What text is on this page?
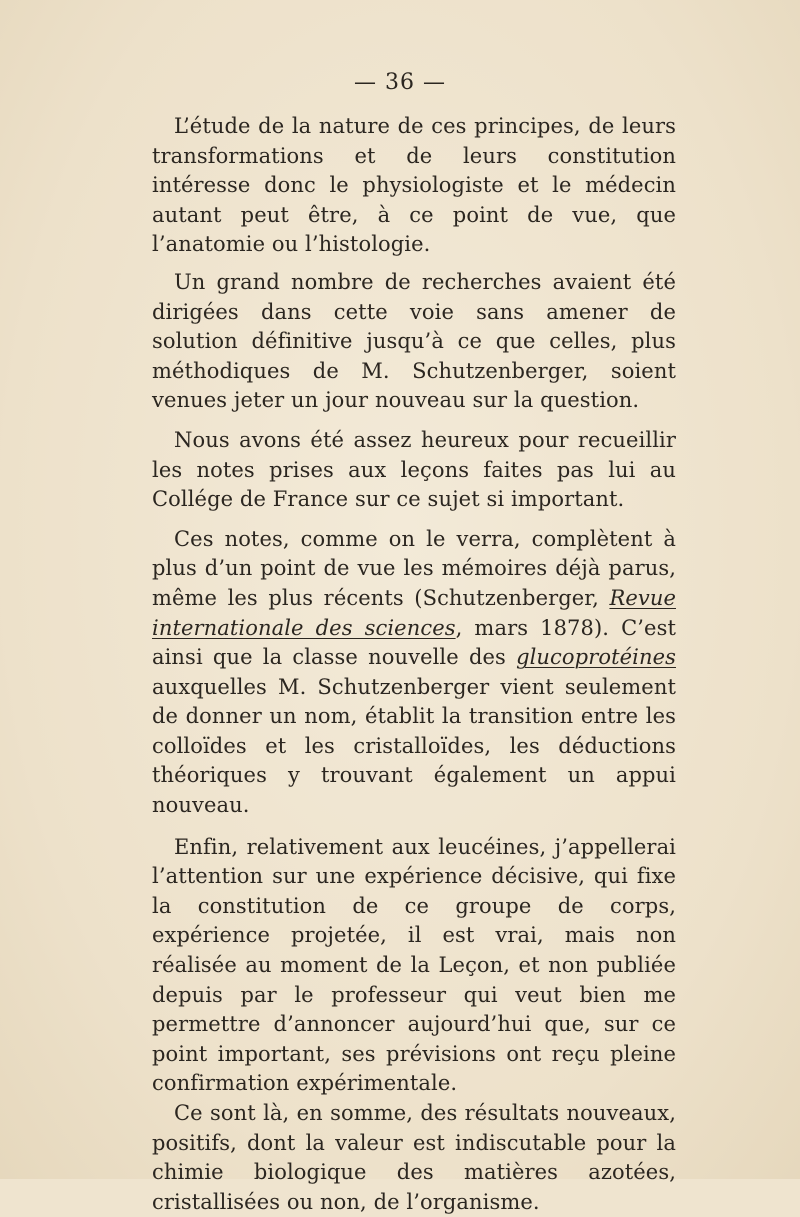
— 36 —

L’étude de la nature de ces principes, de leurs transformations et de leurs constitution intéresse donc le physiologiste et le médecin autant peut être, à ce point de vue, que l’anatomie ou l’histologie.

Un grand nombre de recherches avaient été dirigées dans cette voie sans amener de solution définitive jusqu’à ce que celles, plus méthodiques de M. Schutzenberger, soient venues jeter un jour nouveau sur la question.

Nous avons été assez heureux pour recueillir les notes prises aux leçons faites pas lui au Collége de France sur ce sujet si important.

Ces notes, comme on le verra, complètent à plus d’un point de vue les mémoires déjà parus, même les plus récents (Schutzenberger, Revue internationale des sciences, mars 1878). C’est ainsi que la classe nouvelle des glucoprotéines auxquelles M. Schutzenberger vient seulement de donner un nom, établit la transition entre les colloïdes et les cristalloïdes, les déductions théoriques y trouvant également un appui nouveau.

Enfin, relativement aux leucéines, j’appellerai l’attention sur une expérience décisive, qui fixe la constitution de ce groupe de corps, expérience projetée, il est vrai, mais non réalisée au moment de la Leçon, et non publiée depuis par le professeur qui veut bien me permettre d’annoncer aujourd’hui que, sur ce point important, ses prévisions ont reçu pleine confirmation expérimentale.

Ce sont là, en somme, des résultats nouveaux, positifs, dont la valeur est indiscutable pour la chimie biologique des matières azotées, cristallisées ou non, de l’organisme.
